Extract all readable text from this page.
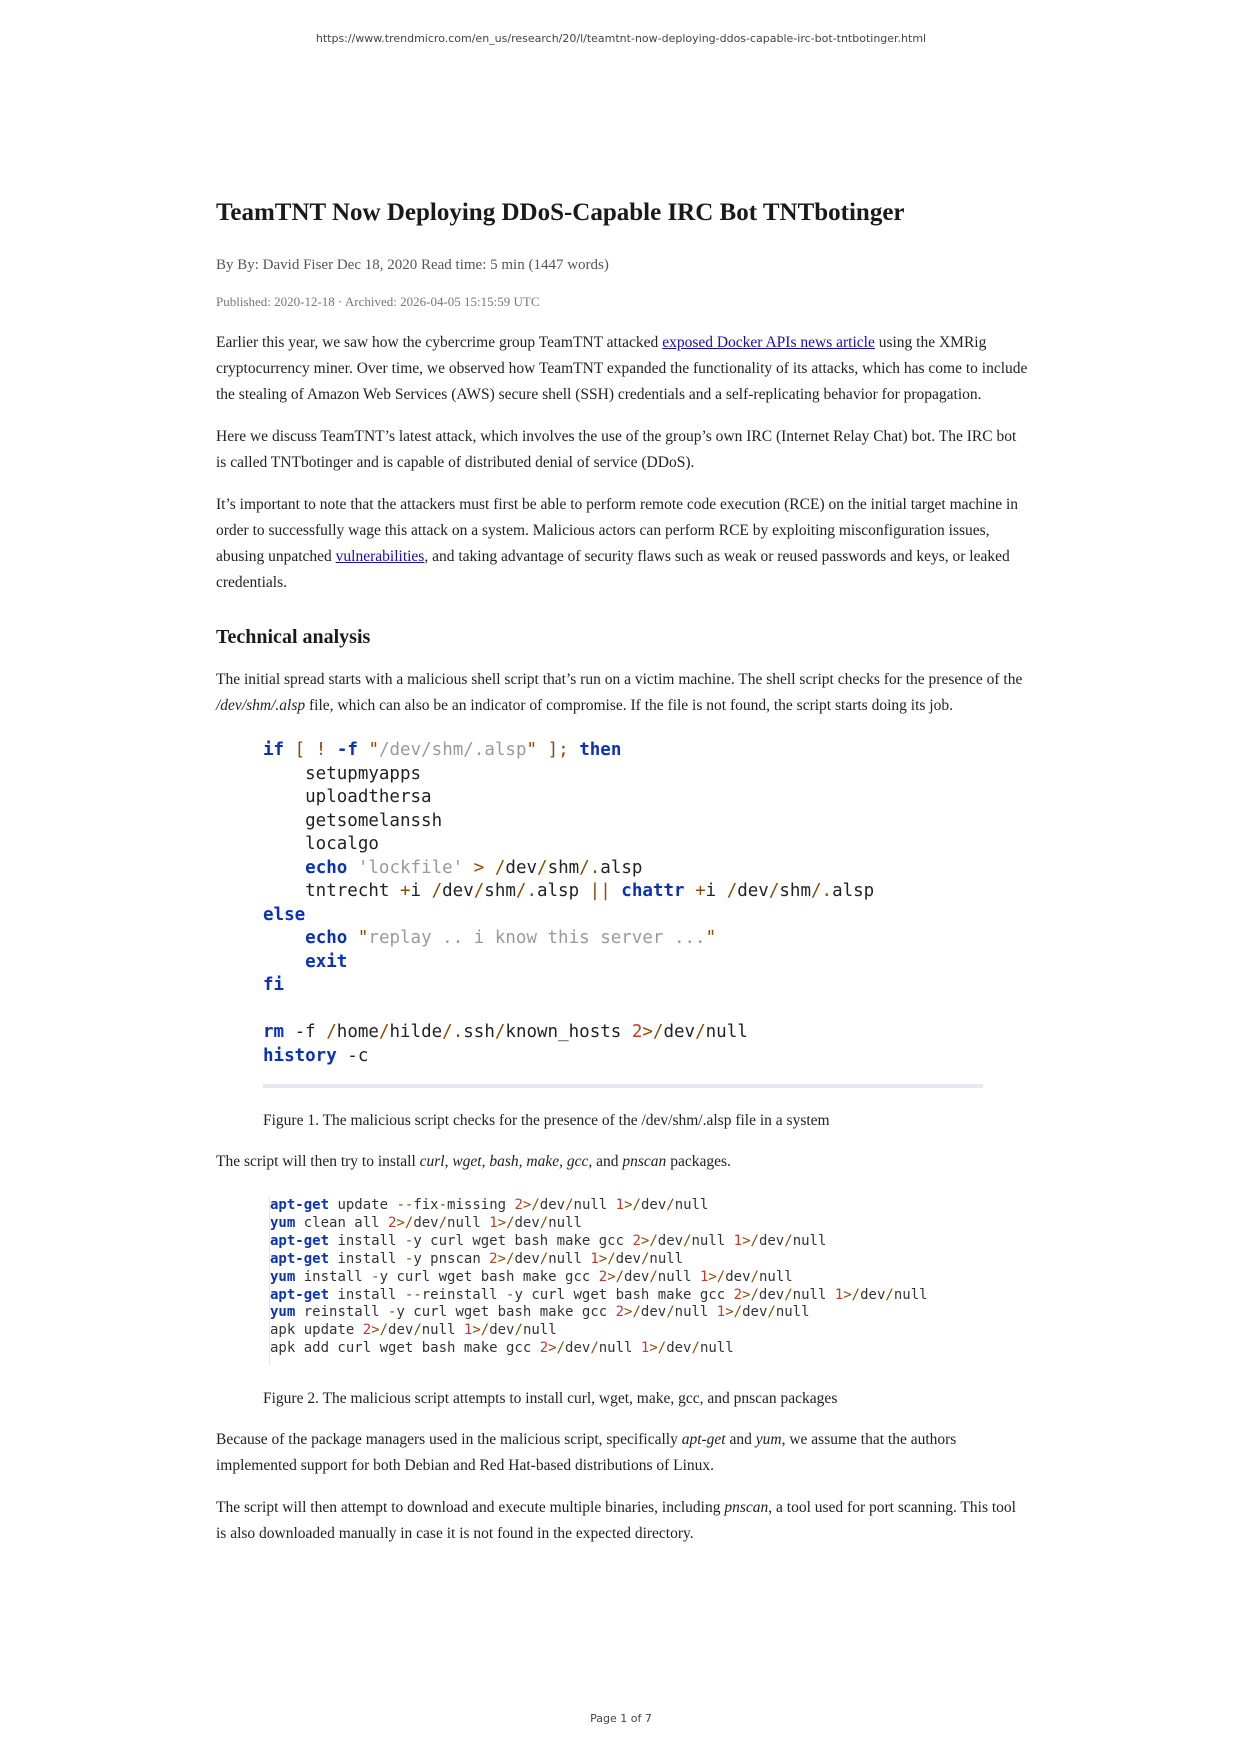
https://www.trendmicro.com/en_us/research/20/l/teamtnt-now-deploying-ddos-capable-irc-bot-tntbotinger.html
TeamTNT Now Deploying DDoS-Capable IRC Bot TNTbotinger
By By: David Fiser Dec 18, 2020 Read time: 5 min (1447 words)
Published: 2020-12-18 · Archived: 2026-04-05 15:15:59 UTC

Earlier this year, we saw how the cybercrime group TeamTNT attacked exposed Docker APIs news article using the XMRig cryptocurrency miner. Over time, we observed how TeamTNT expanded the functionality of its attacks, which has come to include the stealing of Amazon Web Services (AWS) secure shell (SSH) credentials and a self-replicating behavior for propagation.

Here we discuss TeamTNT’s latest attack, which involves the use of the group’s own IRC (Internet Relay Chat) bot. The IRC bot is called TNTbotinger and is capable of distributed denial of service (DDoS).

It’s important to note that the attackers must first be able to perform remote code execution (RCE) on the initial target machine in order to successfully wage this attack on a system. Malicious actors can perform RCE by exploiting misconfiguration issues, abusing unpatched vulnerabilities, and taking advantage of security flaws such as weak or reused passwords and keys, or leaked credentials.

Technical analysis

The initial spread starts with a malicious shell script that’s run on a victim machine. The shell script checks for the presence of the /dev/shm/.alsp file, which can also be an indicator of compromise. If the file is not found, the script starts doing its job.

if [ ! -f "/dev/shm/.alsp" ]; then
setupmyapps
uploadthersa
getsomelanssh
localgo
echo 'lockfile' > /dev/shm/.alsp
tntrecht +i /dev/shm/.alsp || chattr +i /dev/shm/.alsp
else
echo "replay .. i know this server ..."
exit
fi

rm -f /home/hilde/.ssh/known_hosts 2>/dev/null
history -c
Figure 1. The malicious script checks for the presence of the /dev/shm/.alsp file in a system

The script will then try to install curl, wget, bash, make, gcc, and pnscan packages.

apt-get update --fix-missing 2>/dev/null 1>/dev/null
yum clean all 2>/dev/null 1>/dev/null
apt-get install -y curl wget bash make gcc 2>/dev/null 1>/dev/null
apt-get install -y pnscan 2>/dev/null 1>/dev/null
yum install -y curl wget bash make gcc 2>/dev/null 1>/dev/null
apt-get install --reinstall -y curl wget bash make gcc 2>/dev/null 1>/dev/null
yum reinstall -y curl wget bash make gcc 2>/dev/null 1>/dev/null
apk update 2>/dev/null 1>/dev/null
apk add curl wget bash make gcc 2>/dev/null 1>/dev/null
Figure 2. The malicious script attempts to install curl, wget, make, gcc, and pnscan packages

Because of the package managers used in the malicious script, specifically apt-get and yum, we assume that the authors implemented support for both Debian and Red Hat-based distributions of Linux.

The script will then attempt to download and execute multiple binaries, including pnscan, a tool used for port scanning. This tool is also downloaded manually in case it is not found in the expected directory.

Page 1 of 7
